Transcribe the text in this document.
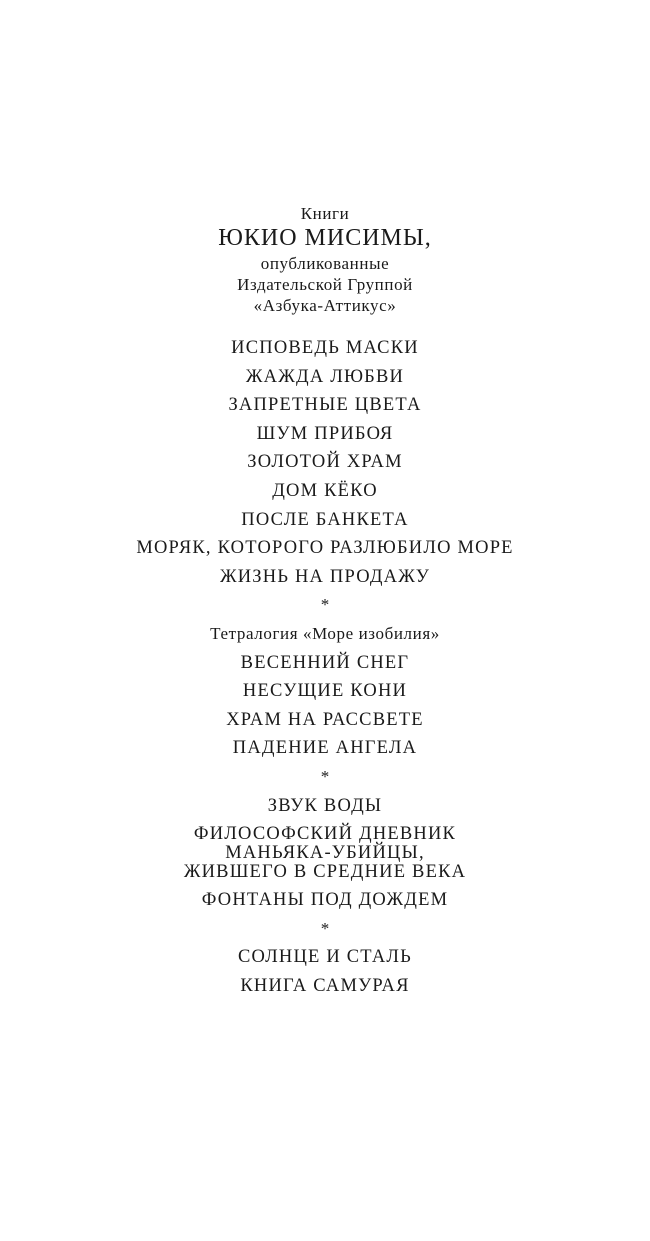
Книги

ЮКИО МИСИМЫ,

опубликованные

Издательской Группой

«Азбука-Аттикус»

ИСПОВЕДЬ МАСКИ

ЖАЖДА ЛЮБВИ

ЗАПРЕТНЫЕ ЦВЕТА

ШУМ ПРИБОЯ

ЗОЛОТОЙ ХРАМ

ДОМ КЁКО

ПОСЛЕ БАНКЕТА

МОРЯК, КОТОРОГО РАЗЛЮБИЛО МОРЕ

ЖИЗНЬ НА ПРОДАЖУ

*

Тетралогия «Море изобилия»

ВЕСЕННИЙ СНЕГ

НЕСУЩИЕ КОНИ

ХРАМ НА РАССВЕТЕ

ПАДЕНИЕ АНГЕЛА

*

ЗВУК ВОДЫ

ФИЛОСОФСКИЙ ДНЕВНИК
МАНЬЯКА-УБИЙЦЫ,
ЖИВШЕГО В СРЕДНИЕ ВЕКА

ФОНТАНЫ ПОД ДОЖДЕМ

*

СОЛНЦЕ И СТАЛЬ

КНИГА САМУРАЯ
